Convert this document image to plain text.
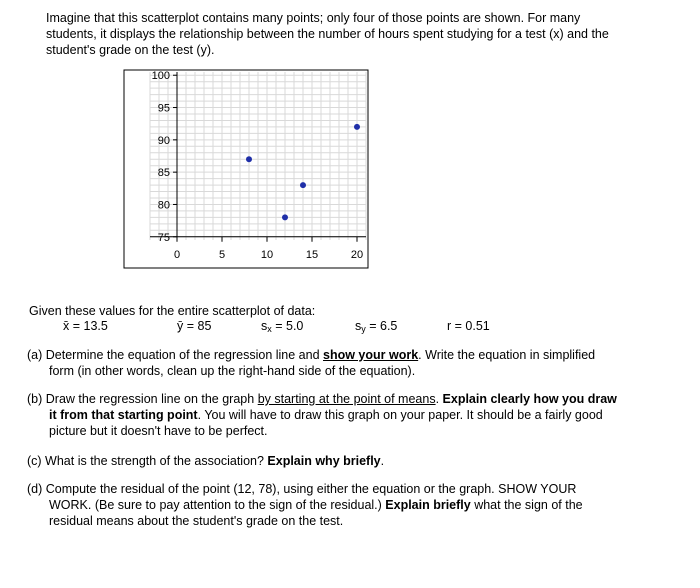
Imagine that this scatterplot contains many points; only four of those points are shown. For many

students, it displays the relationship between the number of hours spent studying for a test (x) and the

student's grade on the test (y).

75
80
85
90
95
100
0	5	10	15	20
Given these values for the entire scatterplot of data:
x̄ = 13.5	ȳ = 85	$s_x = 5.0$	$s_y = 6.5$	r = 0.51
(a) Determine the equation of the regression line and show your work. Write the equation in simplified
form (in other words, clean up the right-hand side of the equation).
(b) Draw the regression line on the graph by starting at the point of means. Explain clearly how you draw
it from that starting point. You will have to draw this graph on your paper. It should be a fairly good
picture but it doesn't have to be perfect.
(c) What is the strength of the association? Explain why briefly.
(d) Compute the residual of the point (12, 78), using either the equation or the graph. SHOW YOUR
WORK. (Be sure to pay attention to the sign of the residual.) Explain briefly what the sign of the
residual means about the student's grade on the test.
